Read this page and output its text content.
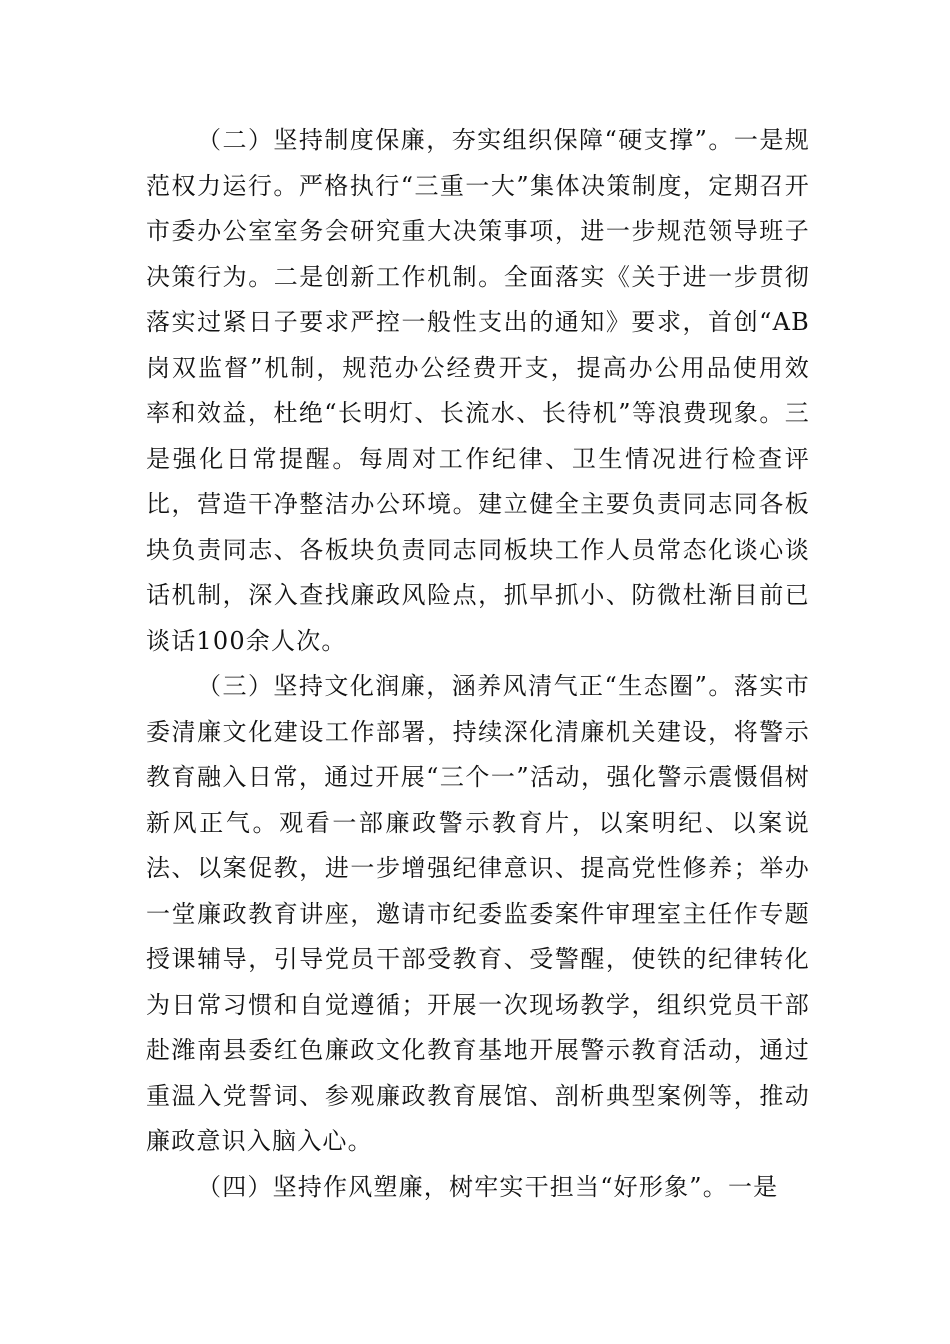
（二）坚持制度保廉，夯实组织保障“硬支撑”。一是规范权力运行。严格执行“三重一大”集体决策制度，定期召开市委办公室室务会研究重大决策事项，进一步规范领导班子决策行为。二是创新工作机制。全面落实《关于进一步贯彻落实过紧日子要求严控一般性支出的通知》要求，首创“AB岗双监督”机制，规范办公经费开支，提高办公用品使用效率和效益，杜绝“长明灯、长流水、长待机”等浪费现象。三是强化日常提醒。每周对工作纪律、卫生情况进行检查评比，营造干净整洁办公环境。建立健全主要负责同志同各板块负责同志、各板块负责同志同板块工作人员常态化谈心谈话机制，深入查找廉政风险点，抓早抓小、防微杜渐目前已谈话100余人次。

（三）坚持文化润廉，涵养风清气正“生态圈”。落实市委清廉文化建设工作部署，持续深化清廉机关建设，将警示教育融入日常，通过开展“三个一”活动，强化警示震慑倡树新风正气。观看一部廉政警示教育片，以案明纪、以案说法、以案促教，进一步增强纪律意识、提高党性修养；举办一堂廉政教育讲座，邀请市纪委监委案件审理室主任作专题授课辅导，引导党员干部受教育、受警醒，使铁的纪律转化为日常习惯和自觉遵循；开展一次现场教学，组织党员干部赴潍南县委红色廉政文化教育基地开展警示教育活动，通过重温入党誓词、参观廉政教育展馆、剖析典型案例等，推动廉政意识入脑入心。

（四）坚持作风塑廉，树牢实干担当“好形象”。一是
